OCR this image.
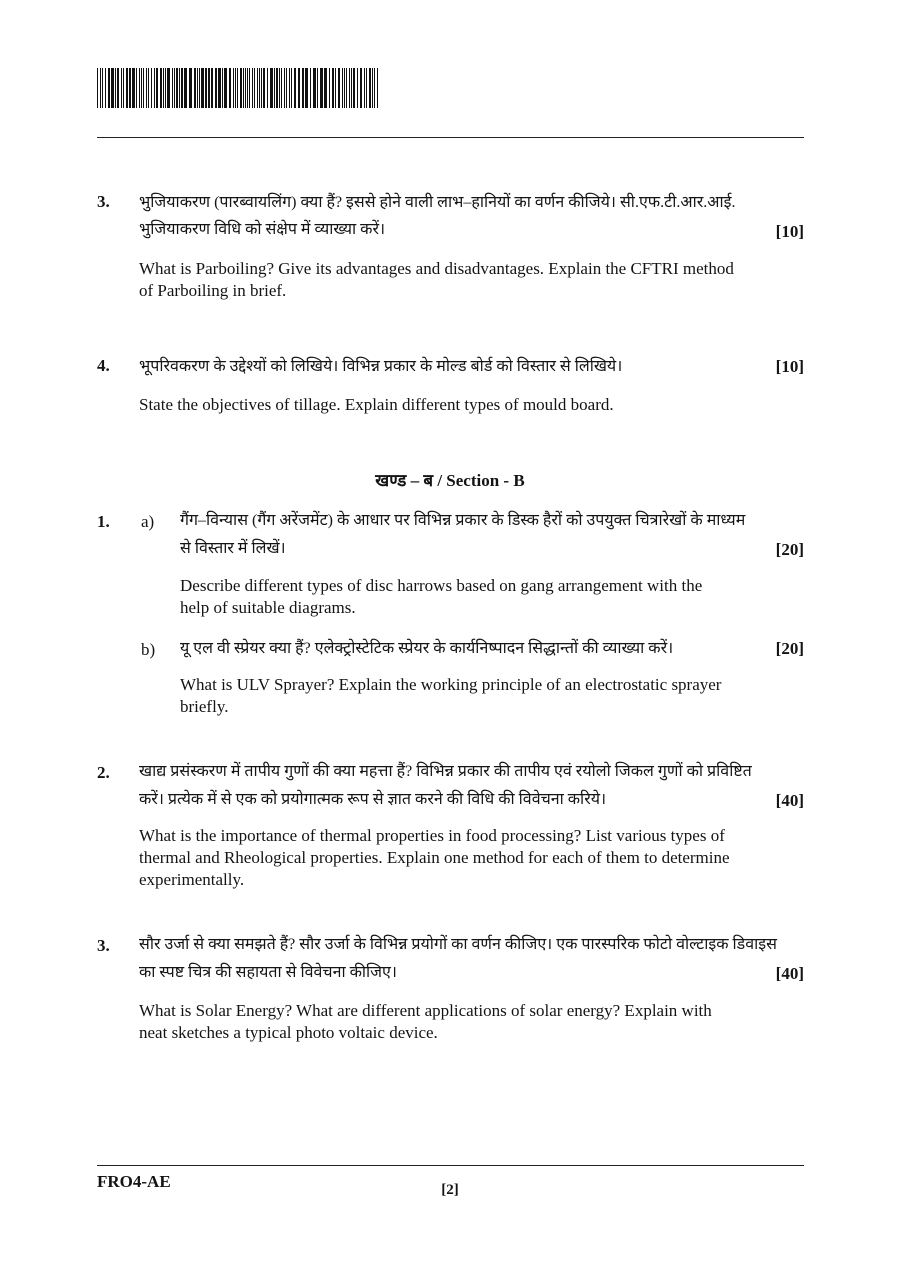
3. भुजियाकरण (पारब्वायलिंग) क्या हैं? इससे होने वाली लाभ–हानियों का वर्णन कीजिये। सी.एफ.टी.आर.आई.
भुजियाकरण विधि को संक्षेप में व्याख्या करें।	[10]
What is Parboiling? Give its advantages and disadvantages. Explain the CFTRI method
of Parboiling in brief.
4. भूपरिवकरण के उद्देश्यों को लिखिये। विभिन्न प्रकार के मोल्ड बोर्ड को विस्तार से लिखिये।	[10]
State the objectives of tillage. Explain different types of mould board.
खण्ड – ब / Section - B
1. a) गैंग–विन्यास (गैंग अरेंजमेंट) के आधार पर विभिन्न प्रकार के डिस्क हैरों को उपयुक्त चित्रारेखों के माध्यम
से विस्तार में लिखें।	[20]
Describe different types of disc harrows based on gang arrangement with the
help of suitable diagrams.
b) यू एल वी स्प्रेयर क्या हैं? एलेक्ट्रोस्टेटिक स्प्रेयर के कार्यनिष्पादन सिद्धान्तों की व्याख्या करें।	[20]
What is ULV Sprayer? Explain the working principle of an electrostatic sprayer
briefly.
2. खाद्य प्रसंस्करण में तापीय गुणों की क्या महत्ता हैं? विभिन्न प्रकार की तापीय एवं रयोलो जिकल गुणों को प्रविष्टित
करें। प्रत्येक में से एक को प्रयोगात्मक रूप से ज्ञात करने की विधि की विवेचना करिये।	[40]
What is the importance of thermal properties in food processing? List various types of
thermal and Rheological properties. Explain one method for each of them to determine
experimentally.
3. सौर उर्जा से क्या समझते हैं? सौर उर्जा के विभिन्न प्रयोगों का वर्णन कीजिए। एक पारस्परिक फोटो वोल्टाइक डिवाइस
का स्पष्ट चित्र की सहायता से विवेचना कीजिए।	[40]
What is Solar Energy? What are different applications of solar energy? Explain with
neat sketches a typical photo voltaic device.
FRO4-AE	[2]
